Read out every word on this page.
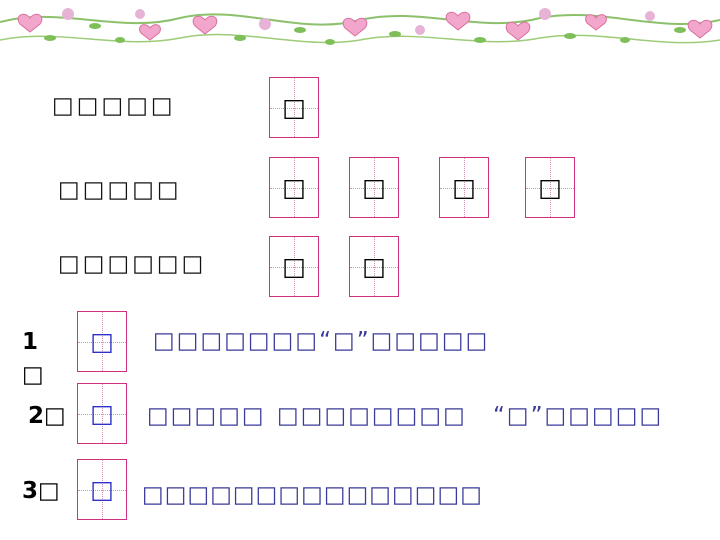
□□□□□	□
□□□□□	□	□	□	□
□□□□□□	□	□
1
□
□	□□□□□□□“□”□□□□□
2□ □	□□□□□ □□□□□□□□ “□”□□□□□
3□	□	□□□□□□□□□□□□□□□
